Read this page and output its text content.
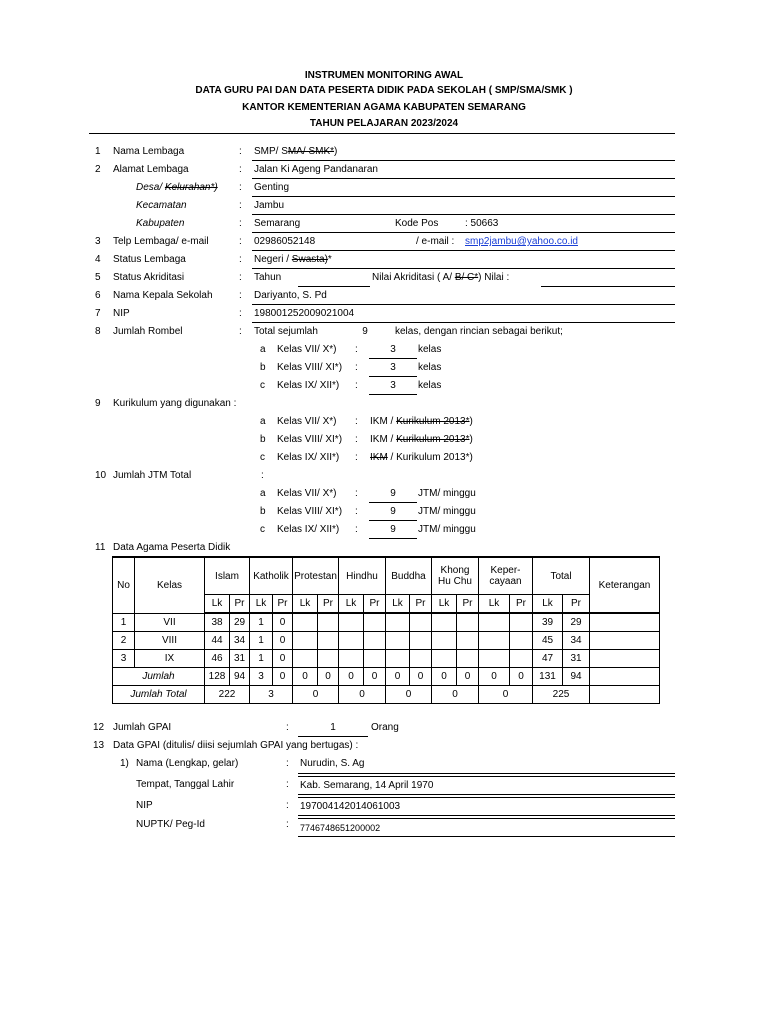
INSTRUMEN MONITORING AWAL
DATA GURU PAI DAN DATA PESERTA DIDIK PADA SEKOLAH ( SMP/SMA/SMK )
KANTOR KEMENTERIAN AGAMA KABUPATEN SEMARANG
TAHUN PELAJARAN 2023/2024
1 Nama Lembaga	: SMP/ SMA/ SMK*)
2 Alamat Lembaga	: Jalan Ki Ageng Pandanaran
Desa/ Kelurahan*) : Genting
Kecamatan	: Jambu
Kabupaten	: Semarang	Kode Pos	: 50663
3 Telp Lembaga/ e-mail	: 02986052148	/ e-mail : smp2jambu@yahoo.co.id
4 Status Lembaga	: Negeri / Swasta)*
5 Status Akriditasi	: Tahun	Nilai Akriditasi ( A/ B/ C*) Nilai :
6 Nama Kepala Sekolah	: Dariyanto, S. Pd
7 NIP	: 198001252009021004
8 Jumlah Rombel	: Total sejumlah	9	kelas, dengan rincian sebagai berikut;
a Kelas VII/ X*) :	3	kelas
b Kelas VIII/ XI*) :	3	kelas
c Kelas IX/ XII*) :	3	kelas
9 Kurikulum yang digunakan :
a Kelas VII/ X*) : IKM / Kurikulum 2013*)
b Kelas VIII/ XI*) : IKM / Kurikulum 2013*)
c Kelas IX/ XII*) : IKM / Kurikulum 2013*)
10 Jumlah JTM Total	:
a Kelas VII/ X*) :	9	JTM/ minggu
b Kelas VIII/ XI*) :	9	JTM/ minggu
c Kelas IX/ XII*) :	9	JTM/ minggu
11 Data Agama Peserta Didik
No	Kelas	Islam		Katholik		Protestan		Hindhu		Buddha		Khong
Hu Chu		Keper-
cayaan		Total		Keterangan
		Lk	Pr	Lk	Pr	Lk	Pr	Lk	Pr	Lk	Pr	Lk	Pr	Lk	Pr	Lk	Pr	
1	VII	38	29	1	0											39	29	
2	VIII	44	34	1	0											45	34	
3	IX	46	31	1	0											47	31	
Jumlah		128	94	3	0	0	0	0	0	0	0	0	0	0	0	131	94	
Jumlah Total		222		3		0		0		0		0		0		225		
12 Jumlah GPAI	:	1	Orang
13 Data GPAI (ditulis/ diisi sejumlah GPAI yang bertugas) :
1) Nama (Lengkap, gelar)	: Nurudin, S. Ag
Tempat, Tanggal Lahir	: Kab. Semarang, 14 April 1970
NIP	: 197004142014061003
NUPTK/ Peg-Id	: 7746748651200002
